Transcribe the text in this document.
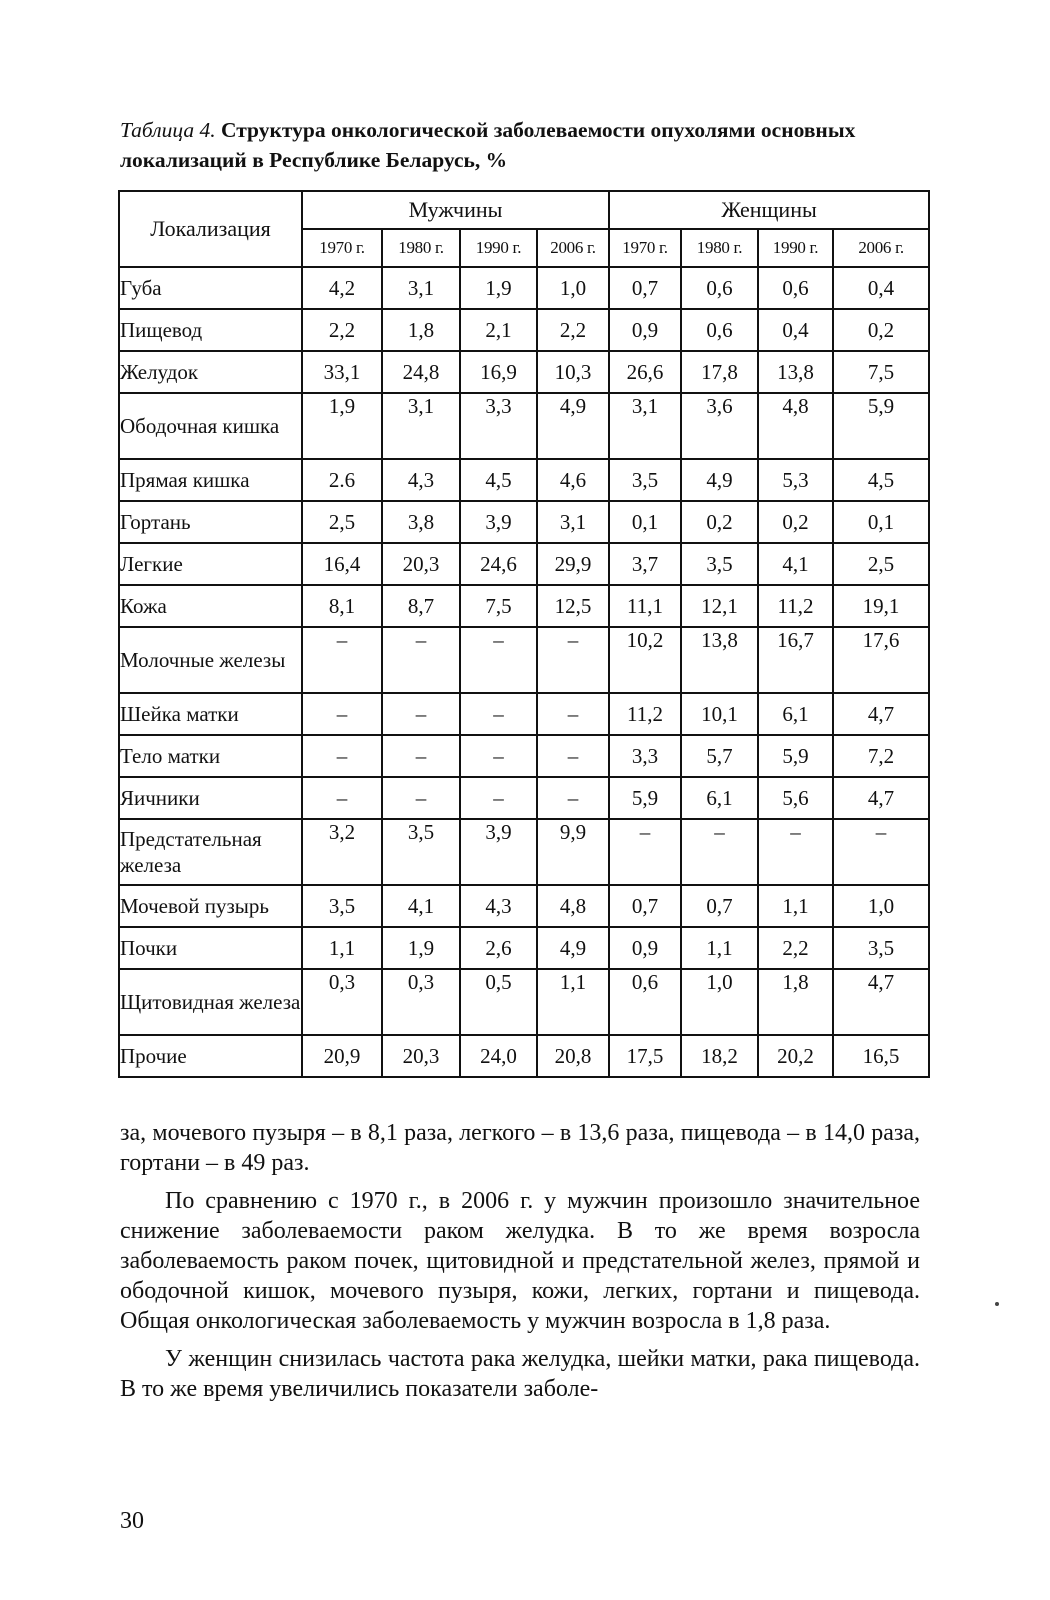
Таблица 4. Структура онкологической заболеваемости опухолями основных локализаций в Республике Беларусь, %
Локализация	Мужчины				Женщины			
	1970 г.	1980 г.	1990 г.	2006 г.	1970 г.	1980 г.	1990 г.	2006 г.
Губа	4,2	3,1	1,9	1,0	0,7	0,6	0,6	0,4
Пищевод	2,2	1,8	2,1	2,2	0,9	0,6	0,4	0,2
Желудок	33,1	24,8	16,9	10,3	26,6	17,8	13,8	7,5
Ободочная кишка	1,9	3,1	3,3	4,9	3,1	3,6	4,8	5,9
Прямая кишка	2.6	4,3	4,5	4,6	3,5	4,9	5,3	4,5
Гортань	2,5	3,8	3,9	3,1	0,1	0,2	0,2	0,1
Легкие	16,4	20,3	24,6	29,9	3,7	3,5	4,1	2,5
Кожа	8,1	8,7	7,5	12,5	11,1	12,1	11,2	19,1
Молочные железы	–	–	–	–	10,2	13,8	16,7	17,6
Шейка матки	–	–	–	–	11,2	10,1	6,1	4,7
Тело матки	–	–	–	–	3,3	5,7	5,9	7,2
Яичники	–	–	–	–	5,9	6,1	5,6	4,7
Предстательная железа	3,2	3,5	3,9	9,9	–	–	–	–
Мочевой пузырь	3,5	4,1	4,3	4,8	0,7	0,7	1,1	1,0
Почки	1,1	1,9	2,6	4,9	0,9	1,1	2,2	3,5
Щитовидная железа	0,3	0,3	0,5	1,1	0,6	1,0	1,8	4,7
Прочие	20,9	20,3	24,0	20,8	17,5	18,2	20,2	16,5

за, мочевого пузыря – в 8,1 раза, легкого – в 13,6 раза, пищевода – в 14,0 раза, гортани – в 49 раз.

По сравнению с 1970 г., в 2006 г. у мужчин произошло значительное снижение заболеваемости раком желудка. В то же время возросла заболеваемость раком почек, щитовидной и предстательной желез, прямой и ободочной кишок, мочевого пузыря, кожи, легких, гортани и пищевода. Общая онкологическая заболеваемость у мужчин возросла в 1,8 раза.

У женщин снизилась частота рака желудка, шейки матки, рака пищевода. В то же время увеличились показатели заболе-

30
